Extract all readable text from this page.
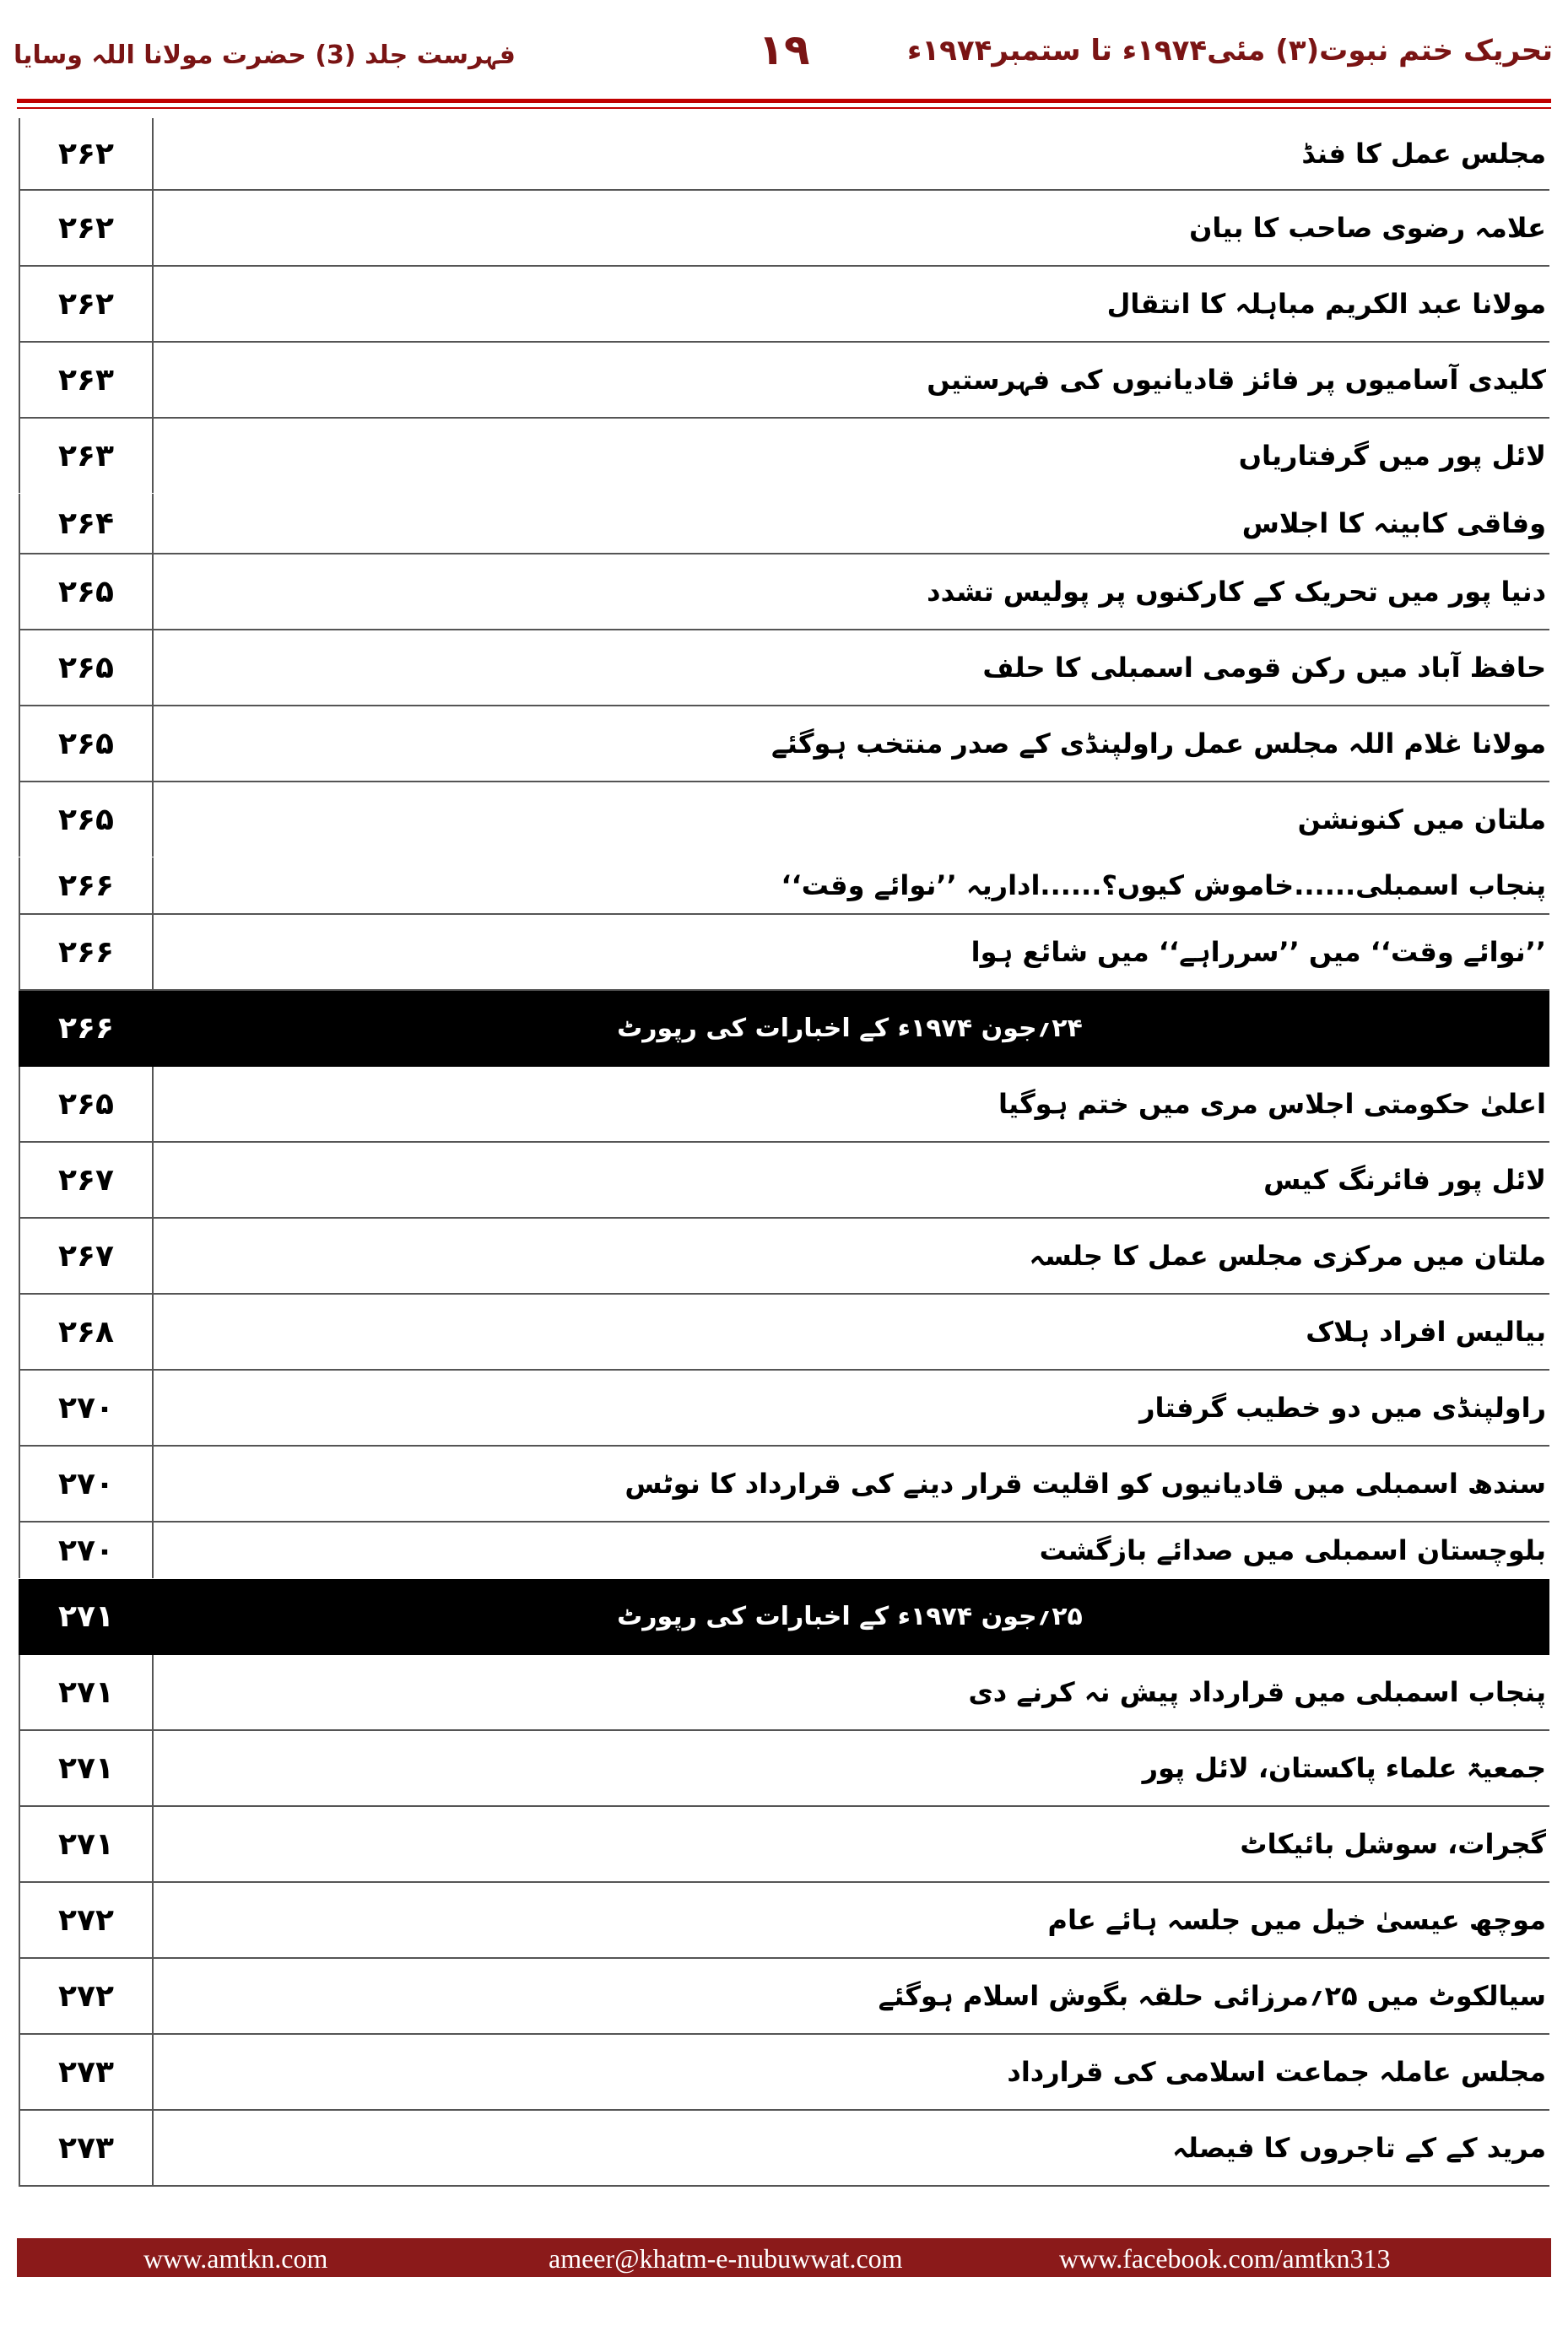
تحریک ختم نبوت(۳) مئی۱۹۷۴ء تا ستمبر۱۹۷۴ء
۱۹
فہرست جلد (3) حضرت مولانا اللہ وسایا
۲۶۲	مجلس عمل کا فنڈ
۲۶۲	علامہ رضوی صاحب کا بیان
۲۶۲	مولانا عبد الکریم مباہلہ کا انتقال
۲۶۳	کلیدی آسامیوں پر فائز قادیانیوں کی فہرستیں
۲۶۳	لائل پور میں گرفتاریاں
۲۶۴	وفاقی کابینہ کا اجلاس
۲۶۵	دنیا پور میں تحریک کے کارکنوں پر پولیس تشدد
۲۶۵	حافظ آباد میں رکن قومی اسمبلی کا حلف
۲۶۵	مولانا غلام اللہ مجلس عمل راولپنڈی کے صدر منتخب ہوگئے
۲۶۵	ملتان میں کنونشن
۲۶۶	پنجاب اسمبلی......خاموش کیوں؟......اداریہ ’’نوائے وقت‘‘
۲۶۶	’’نوائے وقت‘‘ میں ’’سرراہے‘‘ میں شائع ہوا
۲۶۶	۲۴؍جون ۱۹۷۴ء کے اخبارات کی رپورٹ
۲۶۵	اعلیٰ حکومتی اجلاس مری میں ختم ہوگیا
۲۶۷	لائل پور فائرنگ کیس
۲۶۷	ملتان میں مرکزی مجلس عمل کا جلسہ
۲۶۸	بیالیس افراد ہلاک
۲۷۰	راولپنڈی میں دو خطیب گرفتار
۲۷۰	سندھ اسمبلی میں قادیانیوں کو اقلیت قرار دینے کی قرارداد کا نوٹس
۲۷۰	بلوچستان اسمبلی میں صدائے بازگشت
۲۷۱	۲۵؍جون ۱۹۷۴ء کے اخبارات کی رپورٹ
۲۷۱	پنجاب اسمبلی میں قرارداد پیش نہ کرنے دی
۲۷۱	جمعیۃ علماء پاکستان، لائل پور
۲۷۱	گجرات، سوشل بائیکاٹ
۲۷۲	موچھ عیسیٰ خیل میں جلسہ ہائے عام
۲۷۲	سیالکوٹ میں ۲۵؍مرزائی حلقہ بگوش اسلام ہوگئے
۲۷۳	مجلس عاملہ جماعت اسلامی کی قرارداد
۲۷۳	مرید کے کے تاجروں کا فیصلہ
www.amtkn.com	ameer@khatm-e-nubuwwat.com	www.facebook.com/amtkn313
